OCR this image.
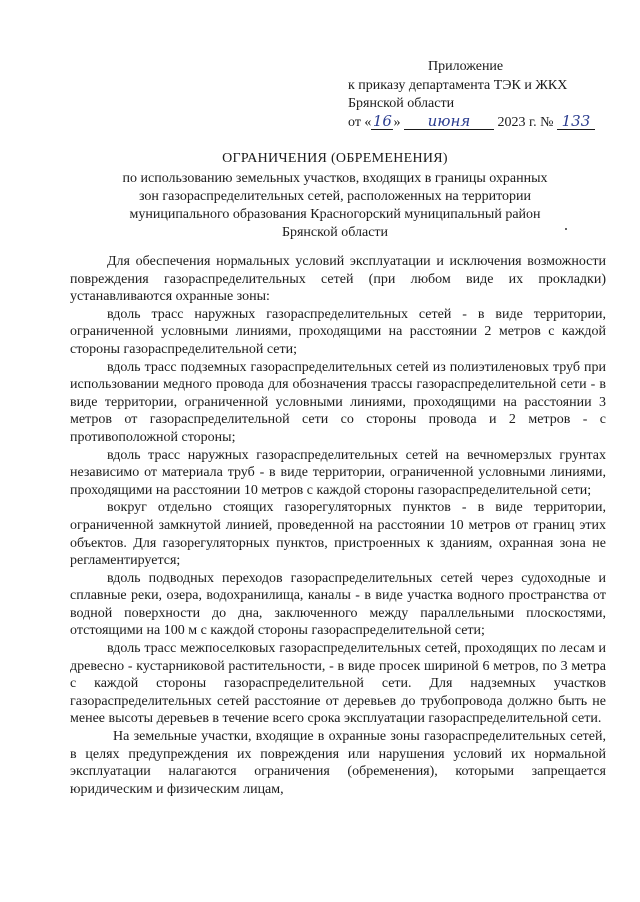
Приложение
к приказу департамента ТЭК и ЖКХ
Брянской области
от «16» июня 2023 г. № 133
ОГРАНИЧЕНИЯ (ОБРЕМЕНЕНИЯ)
по использованию земельных участков, входящих в границы охранных
зон газораспределительных сетей, расположенных на территории
муниципального образования Красногорский муниципальный район
Брянской области

Для обеспечения нормальных условий эксплуатации и исключения возможности повреждения газораспределительных сетей (при любом виде их прокладки) устанавливаются охранные зоны:

вдоль трасс наружных газораспределительных сетей - в виде территории, ограниченной условными линиями, проходящими на расстоянии 2 метров с каждой стороны газораспределительной сети;

вдоль трасс подземных газораспределительных сетей из полиэтиленовых труб при использовании медного провода для обозначения трассы газораспределительной сети - в виде территории, ограниченной условными линиями, проходящими на расстоянии 3 метров от газораспределительной сети со стороны провода и 2 метров - с противоположной стороны;

вдоль трасс наружных газораспределительных сетей на вечномерзлых грунтах независимо от материала труб - в виде территории, ограниченной условными линиями, проходящими на расстоянии 10 метров с каждой стороны газораспределительной сети;

вокруг отдельно стоящих газорегуляторных пунктов - в виде территории, ограниченной замкнутой линией, проведенной на расстоянии 10 метров от границ этих объектов. Для газорегуляторных пунктов, пристроенных к зданиям, охранная зона не регламентируется;

вдоль подводных переходов газораспределительных сетей через судоходные и сплавные реки, озера, водохранилища, каналы - в виде участка водного пространства от водной поверхности до дна, заключенного между параллельными плоскостями, отстоящими на 100 м с каждой стороны газораспределительной сети;

вдоль трасс межпоселковых газораспределительных сетей, проходящих по лесам и древесно - кустарниковой растительности, - в виде просек шириной 6 метров, по 3 метра с каждой стороны газораспределительной сети. Для надземных участков газораспределительных сетей расстояние от деревьев до трубопровода должно быть не менее высоты деревьев в течение всего срока эксплуатации газораспределительной сети.

На земельные участки, входящие в охранные зоны газораспределительных сетей, в целях предупреждения их повреждения или нарушения условий их нормальной эксплуатации налагаются ограничения (обременения), которыми запрещается юридическим и физическим лицам,
